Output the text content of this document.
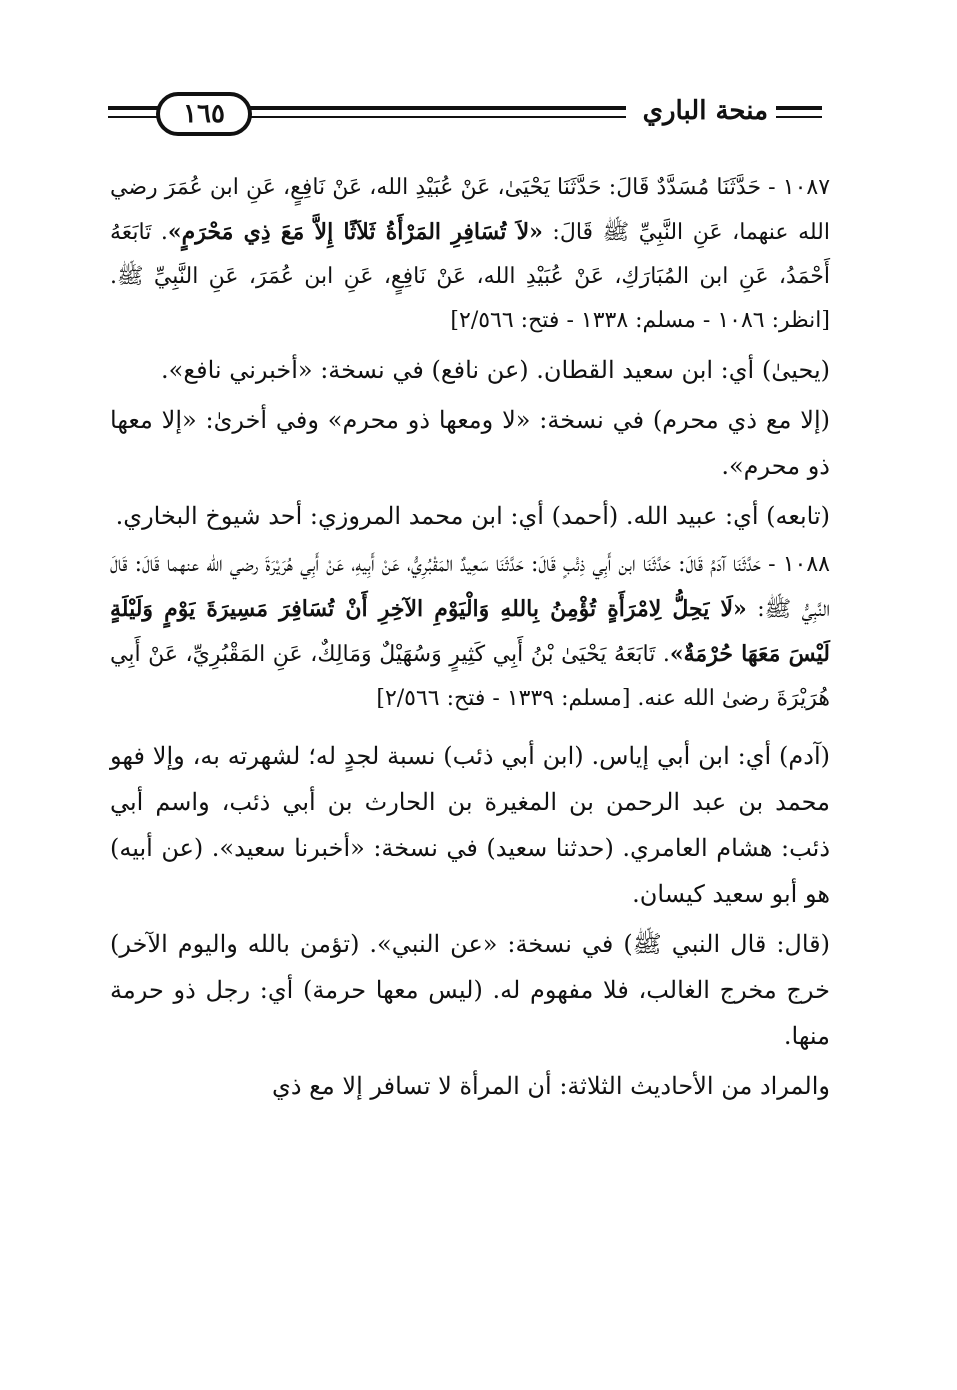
١٦٥	منحة الباري

١٠٨٧ - حَدَّثَنَا مُسَدَّدٌ قَالَ: حَدَّثَنَا يَحْيَىٰ، عَنْ عُبَيْدِ الله، عَنْ نَافِعٍ، عَنِ ابن عُمَرَ رضي الله عنهما، عَنِ النَّبِيِّ ﷺ قَالَ: «لاَ تُسَافِرِ المَرْأَةُ ثَلاَثًا إِلاَّ مَعَ ذِي مَحْرَمٍ». تَابَعَهُ أَحْمَدُ، عَنِ ابن المُبَارَكِ، عَنْ عُبَيْدِ الله، عَنْ نَافِعٍ، عَنِ ابن عُمَرَ، عَنِ النَّبِيِّ ﷺ. [انظر: ١٠٨٦ - مسلم: ١٣٣٨ - فتح: ٢/٥٦٦]

(يحيىٰ) أي: ابن سعيد القطان. (عن نافع) في نسخة: «أخبرني نافع».

(إلا مع ذي محرم) في نسخة: «لا ومعها ذو محرم» وفي أخرىٰ: «إلا معها ذو محرم».

(تابعه) أي: عبيد الله. (أحمد) أي: ابن محمد المروزي: أحد شيوخ البخاري.

١٠٨٨ - حَدَّثَنَا آدَمُ قَالَ: حَدَّثَنَا ابن أَبِي ذِئْبٍ قَالَ: حَدَّثَنَا سَعِيدٌ المَقْبُرِيُّ، عَنْ أَبِيهِ، عَنْ أَبِي هُرَيْرَةَ رضي الله عنهما قَالَ: قَالَ النَّبِيُّ ﷺ: «لَا يَحِلُّ لِامْرَأَةٍ تُؤْمِنُ بِاللهِ وَالْيَوْمِ الآخِرِ أَنْ تُسَافِرَ مَسِيرَةَ يَوْمٍ وَلَيْلَةٍ لَيْسَ مَعَهَا حُرْمَةٌ». تَابَعَهُ يَحْيَىٰ بْنُ أَبِي كَثِيرٍ وَسُهَيْلٌ وَمَالِكٌ، عَنِ المَقْبُرِيِّ، عَنْ أَبِي هُرَيْرَةَ رضىٰ الله عنه. [مسلم: ١٣٣٩ - فتح: ٢/٥٦٦]

(آدم) أي: ابن أبي إياس. (ابن أبي ذئب) نسبة لجدٍ له؛ لشهرته به، وإلا فهو محمد بن عبد الرحمن بن المغيرة بن الحارث بن أبي ذئب، واسم أبي ذئب: هشام العامري. (حدثنا سعيد) في نسخة: «أخبرنا سعيد». (عن أبيه) هو أبو سعيد كيسان.

(قال: قال النبي ﷺ) في نسخة: «عن النبي». (تؤمن بالله واليوم الآخر) خرج مخرج الغالب، فلا مفهوم له. (ليس معها حرمة) أي: رجل ذو حرمة منها.

والمراد من الأحاديث الثلاثة: أن المرأة لا تسافر إلا مع ذي
